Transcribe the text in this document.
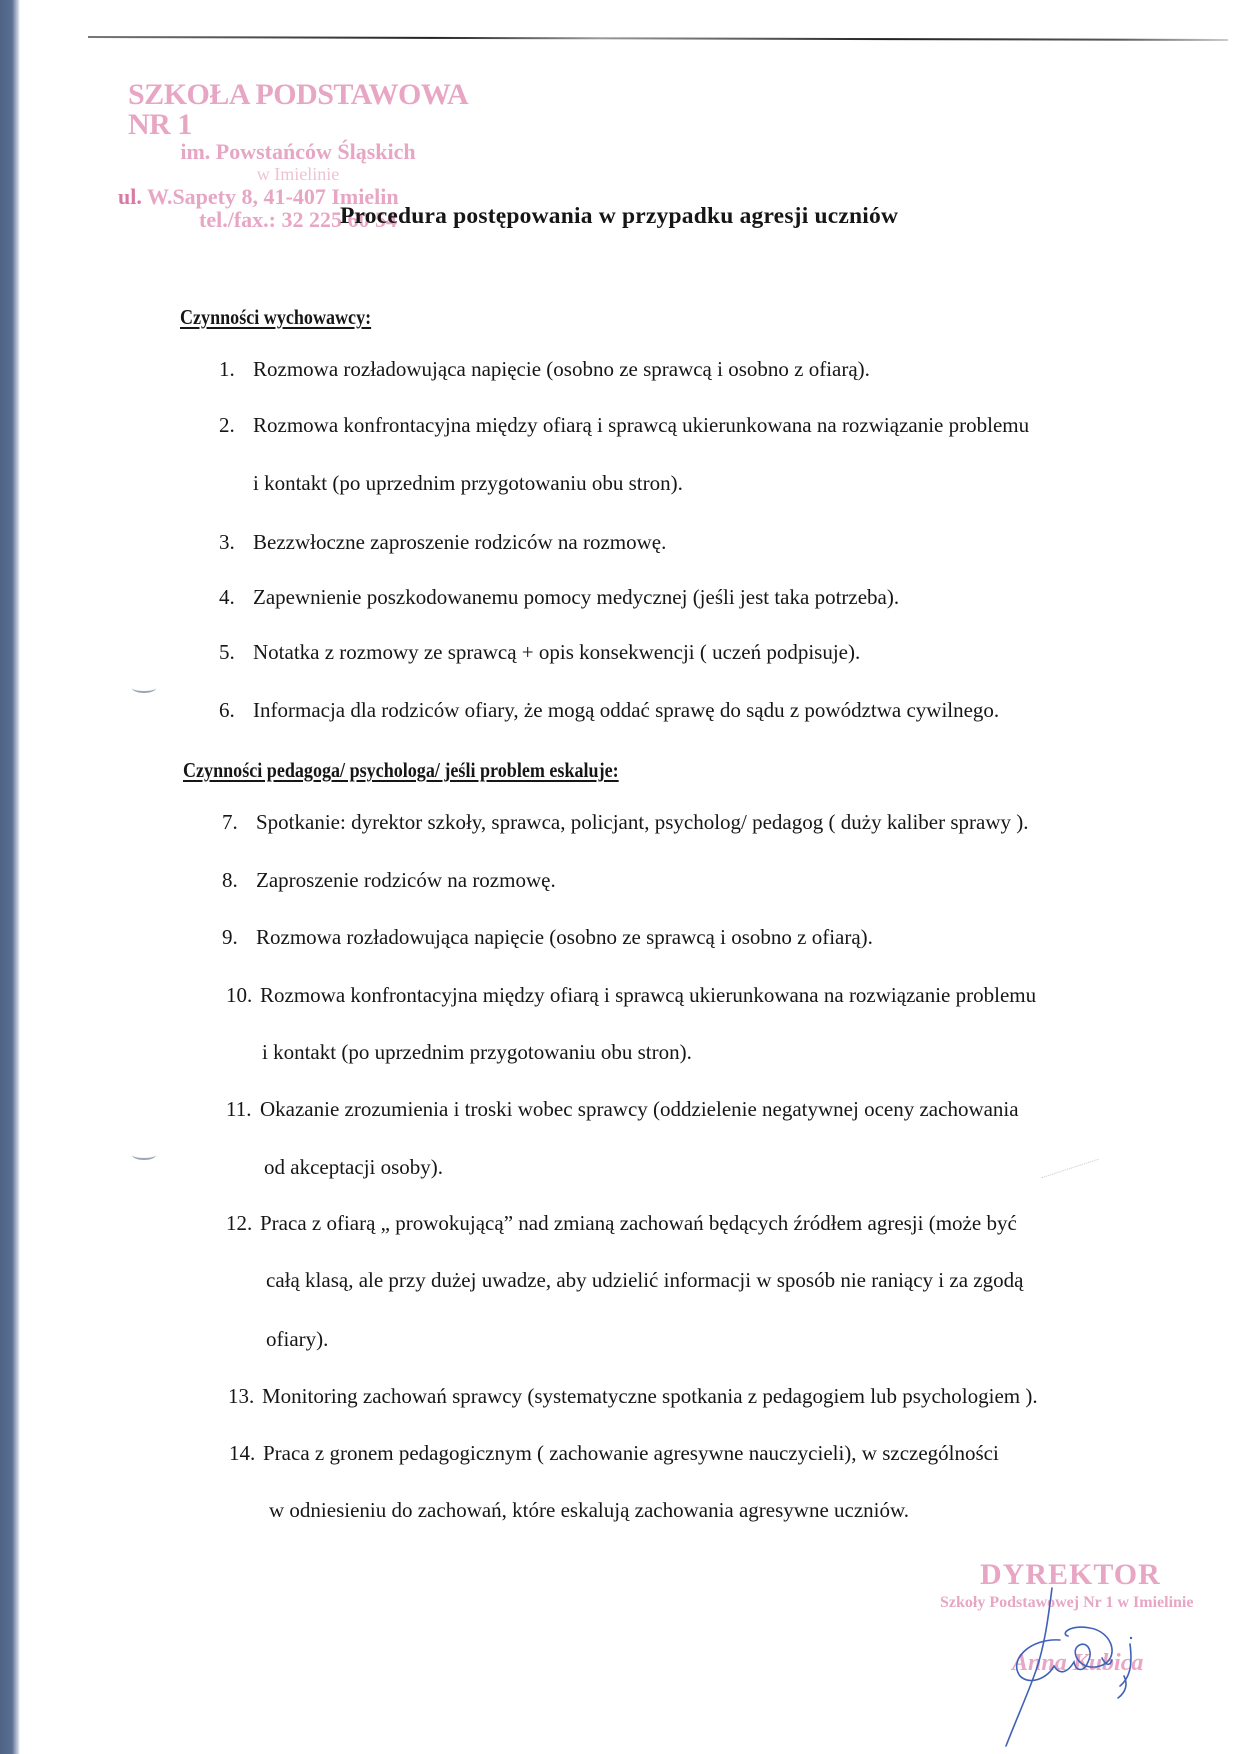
SZKOŁA PODSTAWOWA NR 1
im. Powstańców Śląskich
w Imielinie
ul. W.Sapety 8, 41-407 Imielin
tel./fax.: 32 225 60 54
Procedura postępowania w przypadku agresji uczniów
Czynności wychowawcy:
1. Rozmowa rozładowująca napięcie (osobno ze sprawcą i osobno z ofiarą).
2. Rozmowa konfrontacyjna między ofiarą i sprawcą ukierunkowana na rozwiązanie problemu
i kontakt (po uprzednim przygotowaniu obu stron).
3. Bezzwłoczne zaproszenie rodziców na rozmowę.
4. Zapewnienie poszkodowanemu pomocy medycznej (jeśli jest taka potrzeba).
5. Notatka z rozmowy ze sprawcą + opis konsekwencji ( uczeń podpisuje).
6. Informacja dla rodziców ofiary, że mogą oddać sprawę do sądu z powództwa cywilnego.
Czynności pedagoga/ psychologa/ jeśli problem eskaluje:
7. Spotkanie: dyrektor szkoły, sprawca, policjant, psycholog/ pedagog ( duży kaliber sprawy ).
8. Zaproszenie rodziców na rozmowę.
9. Rozmowa rozładowująca napięcie (osobno ze sprawcą i osobno z ofiarą).
10. Rozmowa konfrontacyjna między ofiarą i sprawcą ukierunkowana na rozwiązanie problemu
i kontakt (po uprzednim przygotowaniu obu stron).
11. Okazanie zrozumienia i troski wobec sprawcy (oddzielenie negatywnej oceny zachowania
od akceptacji osoby).
12. Praca z ofiarą „ prowokującą” nad zmianą zachowań będących źródłem agresji (może być
całą klasą, ale przy dużej uwadze, aby udzielić informacji w sposób nie raniący i za zgodą
ofiary).
13. Monitoring zachowań sprawcy (systematyczne spotkania z pedagogiem lub psychologiem ).
14. Praca z gronem pedagogicznym ( zachowanie agresywne nauczycieli), w szczególności
w odniesieniu do zachowań, które eskalują zachowania agresywne uczniów.
DYREKTOR
Szkoły Podstawowej Nr 1 w Imielinie
Anna Kubica
